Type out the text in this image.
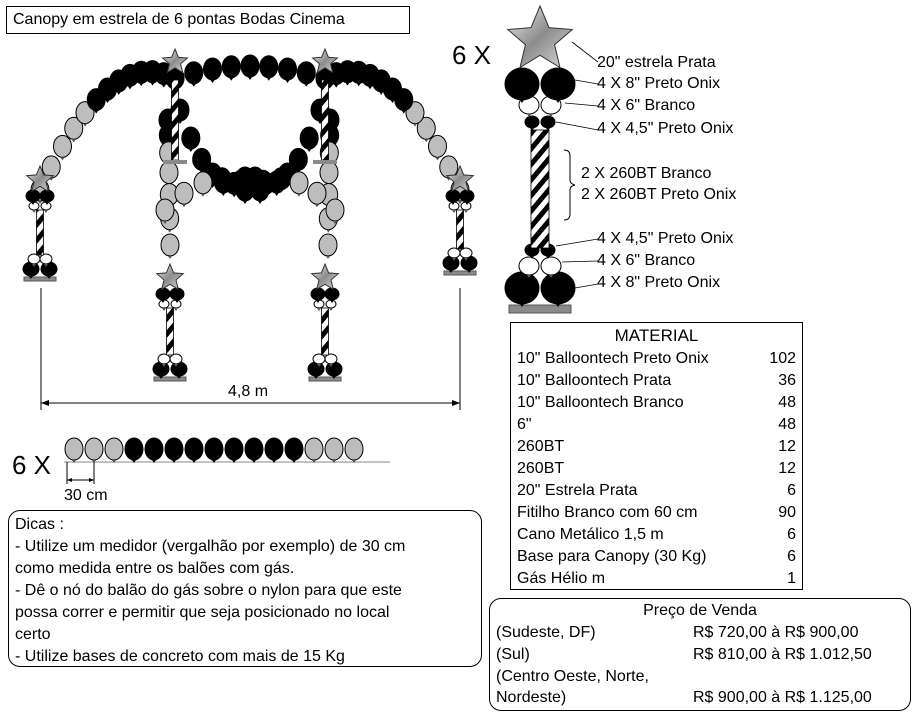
Canopy em estrela de 6 pontas Bodas Cinema
6 X
6 X
20" estrela Prata
4 X 8" Preto Onix
4 X 6" Branco
4 X 4,5" Preto Onix
2 X 260BT Branco
2 X 260BT Preto Onix
4 X 4,5" Preto Onix
4 X 6" Branco
4 X 8" Preto Onix
4,8 m
30 cm
MATERIAL
10" Balloontech Preto Onix	102
10" Balloontech Prata	36
10" Balloontech Branco	48
6"	48
260BT	12
260BT	12
20" Estrela Prata	6
Fitilho Branco com 60 cm	90
Cano Metálico 1,5 m	6
Base para Canopy (30 Kg)	6
Gás Hélio m	1
Dicas :
- Utilize um medidor (vergalhão por exemplo) de 30 cm
como medida entre os balões com gás.
- Dê o nó do balão do gás sobre o nylon para que este
possa correr e permitir que seja posicionado no local
certo
- Utilize bases de concreto com mais de 15 Kg
Preço de Venda
(Sudeste, DF)	R$ 720,00 à R$ 900,00
(Sul)	R$ 810,00 à R$ 1.012,50
(Centro Oeste, Norte,
Nordeste)	R$ 900,00 à R$ 1.125,00
